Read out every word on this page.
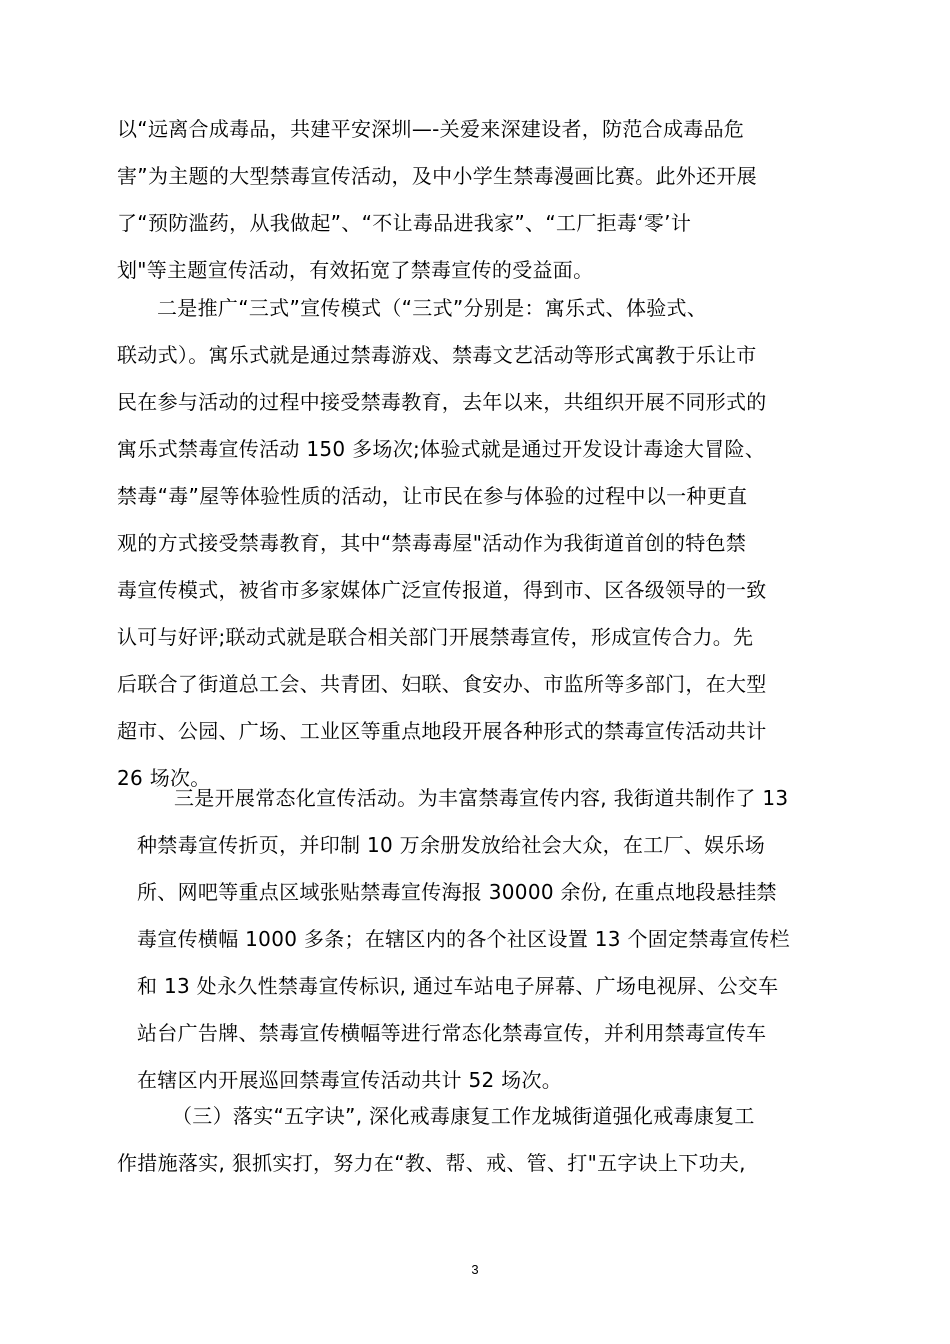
以“远离合成毒品，共建平安深圳—-关爱来深建设者，防范合成毒品危
害”为主题的大型禁毒宣传活动，及中小学生禁毒漫画比赛。此外还开展
了“预防滥药，从我做起”、“不让毒品进我家”、“工厂拒毒‘零’计
划"等主题宣传活动，有效拓宽了禁毒宣传的受益面。
二是推广“三式”宣传模式（“三式”分别是：寓乐式、体验式、
联动式）。寓乐式就是通过禁毒游戏、禁毒文艺活动等形式寓教于乐让市
民在参与活动的过程中接受禁毒教育，去年以来，共组织开展不同形式的
寓乐式禁毒宣传活动 150 多场次;体验式就是通过开发设计毒途大冒险、
禁毒“毒”屋等体验性质的活动，让市民在参与体验的过程中以一种更直
观的方式接受禁毒教育，其中“禁毒毒屋"活动作为我街道首创的特色禁
毒宣传模式，被省市多家媒体广泛宣传报道，得到市、区各级领导的一致
认可与好评;联动式就是联合相关部门开展禁毒宣传，形成宣传合力。先
后联合了街道总工会、共青团、妇联、食安办、市监所等多部门，在大型
超市、公园、广场、工业区等重点地段开展各种形式的禁毒宣传活动共计
26 场次。
三是开展常态化宣传活动。为丰富禁毒宣传内容, 我街道共制作了 13
种禁毒宣传折页，并印制 10 万余册发放给社会大众，在工厂、娱乐场
所、网吧等重点区域张贴禁毒宣传海报 30000 余份, 在重点地段悬挂禁
毒宣传横幅 1000 多条；在辖区内的各个社区设置 13 个固定禁毒宣传栏
和 13 处永久性禁毒宣传标识, 通过车站电子屏幕、广场电视屏、公交车
站台广告牌、禁毒宣传横幅等进行常态化禁毒宣传，并利用禁毒宣传车
在辖区内开展巡回禁毒宣传活动共计 52 场次。
（三）落实“五字诀”, 深化戒毒康复工作龙城街道强化戒毒康复工
作措施落实, 狠抓实打，努力在“教、帮、戒、管、打"五字诀上下功夫,
3
